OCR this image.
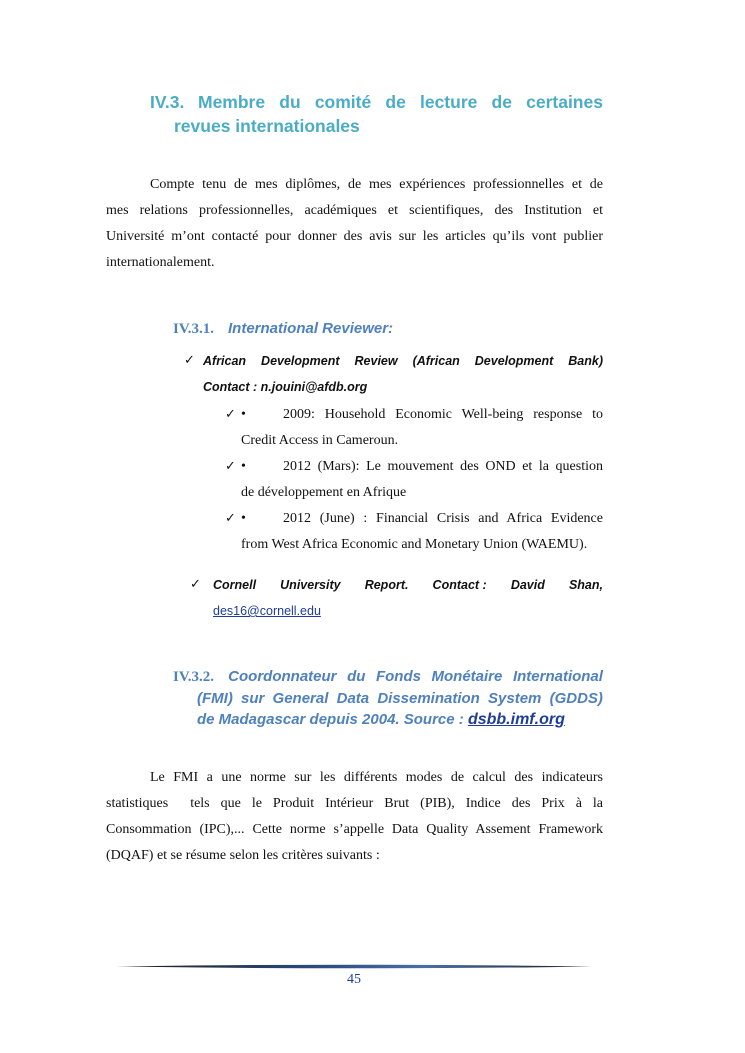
IV.3. Membre du comité de lecture de certaines
revues internationales
Compte tenu de mes diplômes, de mes expériences professionnelles et de
mes relations professionnelles, académiques et scientifiques, des Institution et
Université m’ont contacté pour donner des avis sur les articles qu’ils vont publier
internationalement.
IV.3.1. International Reviewer:
✓ African Development Review (African Development Bank)
Contact : n.jouini@afdb.org
✓ •	2009: Household Economic Well-being response to
Credit Access in Cameroun.
✓ •	2012 (Mars): Le mouvement des OND et la question
de développement en Afrique
✓ •	2012 (June) : Financial Crisis and Africa Evidence
from West Africa Economic and Monetary Union (WAEMU).
✓ Cornell University Report. Contact : David Shan,
des16@cornell.edu
IV.3.2. Coordonnateur du Fonds Monétaire International
(FMI) sur General Data Dissemination System (GDDS)
de Madagascar depuis 2004. Source : dsbb.imf.org
Le FMI a une norme sur les différents modes de calcul des indicateurs
statistiques  tels que le Produit Intérieur Brut (PIB), Indice des Prix à la
Consommation (IPC),... Cette norme s’appelle Data Quality Assement Framework
(DQAF) et se résume selon les critères suivants :
45
